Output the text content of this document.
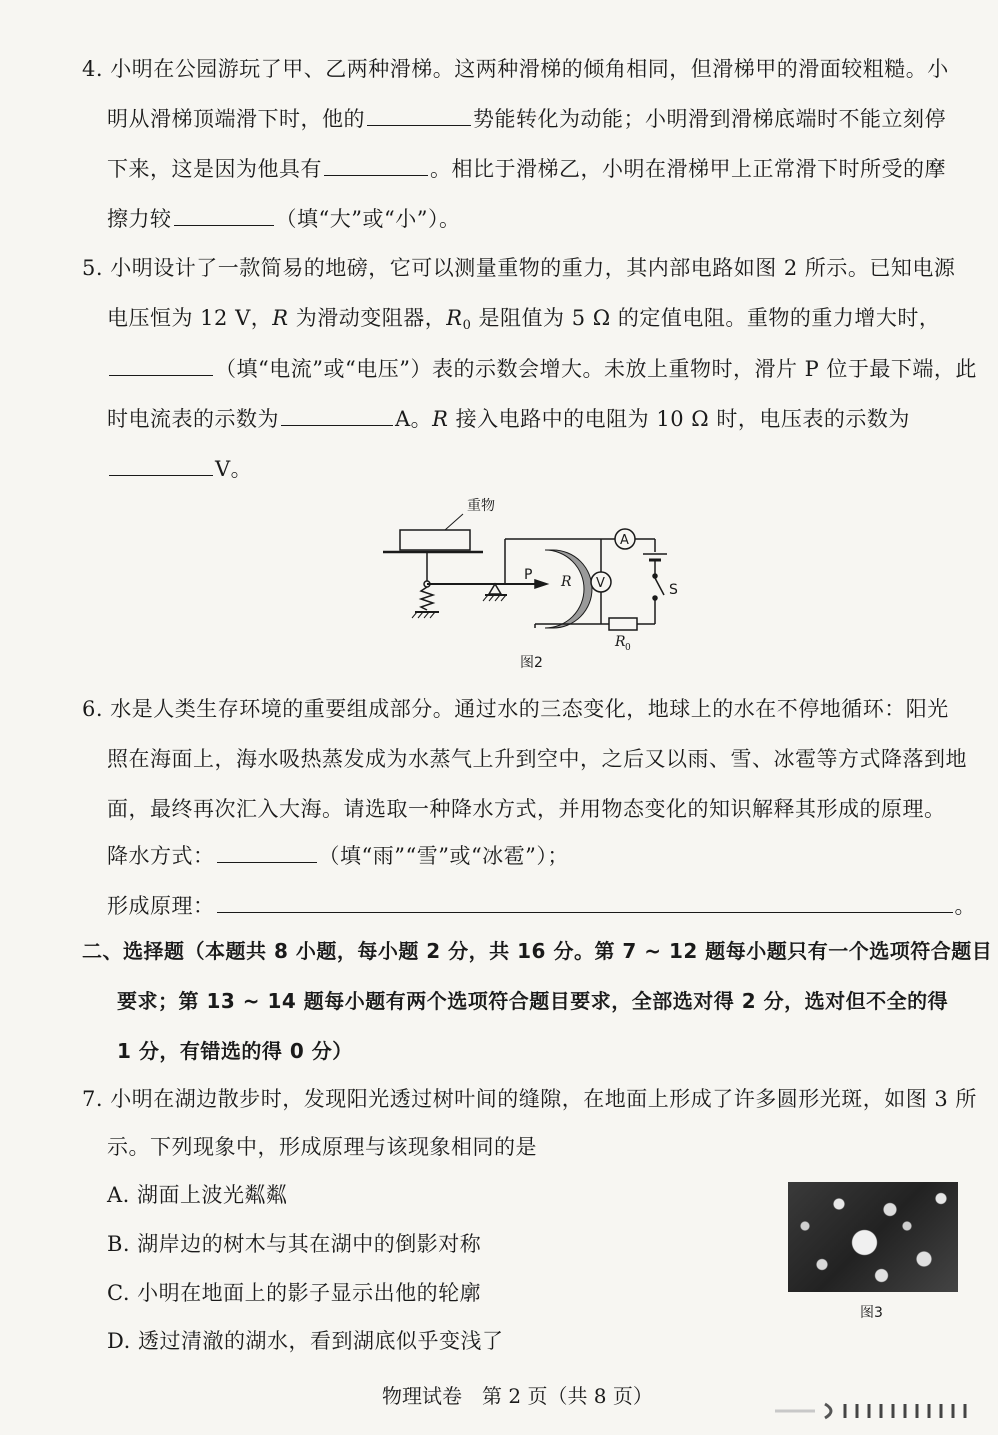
4. 小明在公园游玩了甲、乙两种滑梯。这两种滑梯的倾角相同，但滑梯甲的滑面较粗糙。小
明从滑梯顶端滑下时，他的	势能转化为动能；小明滑到滑梯底端时不能立刻停
下来，这是因为他具有	。相比于滑梯乙，小明在滑梯甲上正常滑下时所受的摩
擦力较	（填“大”或“小”）。
5. 小明设计了一款简易的地磅，它可以测量重物的重力，其内部电路如图 2 所示。已知电源
电压恒为 12 V，R 为滑动变阻器，$R_0$ 是阻值为 5 Ω 的定值电阻。重物的重力增大时，
（填“电流”或“电压”）表的示数会增大。未放上重物时，滑片 P 位于最下端，此
时电流表的示数为	A。R 接入电路中的电阻为 10 Ω 时，电压表的示数为
V。
重物
A
V	S
P R
R 0
图2
6. 水是人类生存环境的重要组成部分。通过水的三态变化，地球上的水在不停地循环：阳光
照在海面上，海水吸热蒸发成为水蒸气上升到空中，之后又以雨、雪、冰雹等方式降落到地
面，最终再次汇入大海。请选取一种降水方式，并用物态变化的知识解释其形成的原理。
降水方式：	（填“雨”“雪”或“冰雹”）；
形成原理：	。
二、选择题（本题共 8 小题，每小题 2 分，共 16 分。第 7 ~ 12 题每小题只有一个选项符合题目
要求；第 13 ~ 14 题每小题有两个选项符合题目要求，全部选对得 2 分，选对但不全的得
1 分，有错选的得 0 分）
7. 小明在湖边散步时，发现阳光透过树叶间的缝隙，在地面上形成了许多圆形光斑，如图 3 所
示。下列现象中，形成原理与该现象相同的是
A. 湖面上波光粼粼
B. 湖岸边的树木与其在湖中的倒影对称
C. 小明在地面上的影子显示出他的轮廓
D. 透过清澈的湖水，看到湖底似乎变浅了
图3
物理试卷　第 2 页（共 8 页）
